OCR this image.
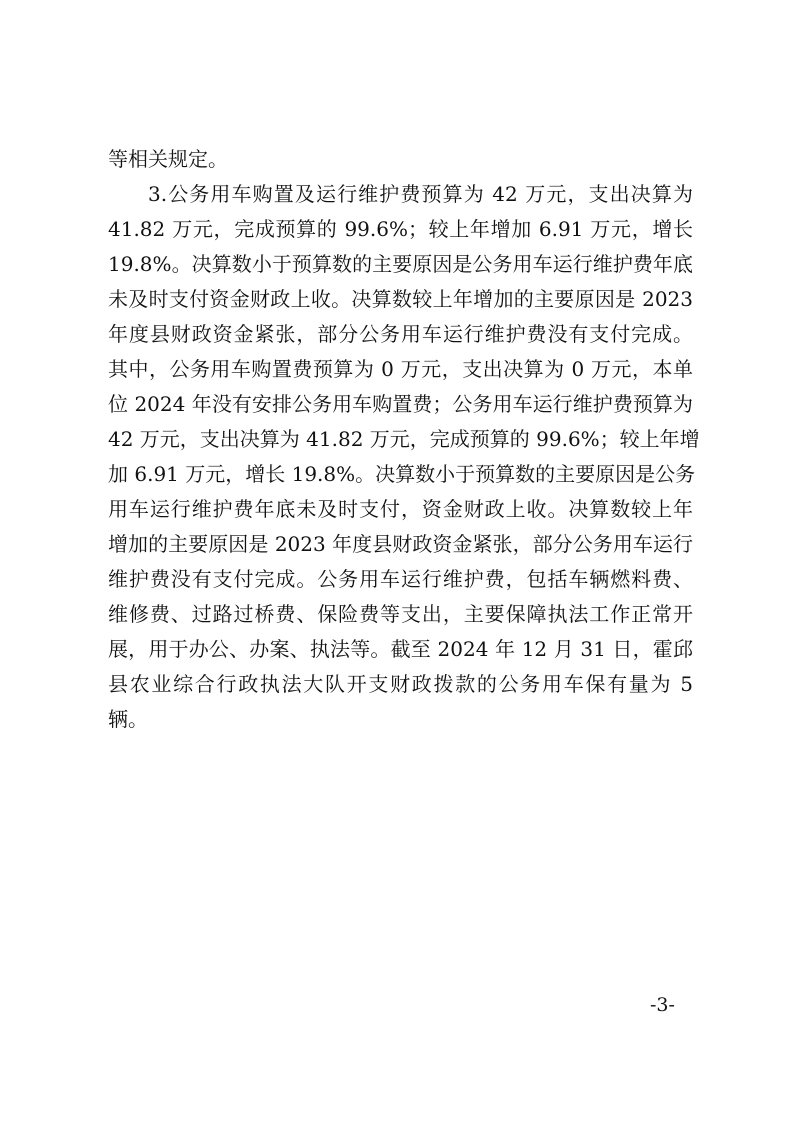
等相关规定。
3.公务用车购置及运行维护费预算为 42 万元，支出决算为
41.82 万元，完成预算的 99.6%；较上年增加 6.91 万元，增长
19.8%。决算数小于预算数的主要原因是公务用车运行维护费年底
未及时支付资金财政上收。决算数较上年增加的主要原因是 2023
年度县财政资金紧张，部分公务用车运行维护费没有支付完成。
其中，公务用车购置费预算为 0 万元，支出决算为 0 万元，本单
位 2024 年没有安排公务用车购置费；公务用车运行维护费预算为
42 万元，支出决算为 41.82 万元，完成预算的 99.6%；较上年增
加 6.91 万元，增长 19.8%。决算数小于预算数的主要原因是公务
用车运行维护费年底未及时支付，资金财政上收。决算数较上年
增加的主要原因是 2023 年度县财政资金紧张，部分公务用车运行
维护费没有支付完成。公务用车运行维护费，包括车辆燃料费、
维修费、过路过桥费、保险费等支出，主要保障执法工作正常开
展，用于办公、办案、执法等。截至 2024 年 12 月 31 日，霍邱
县农业综合行政执法大队开支财政拨款的公务用车保有量为 5
辆。
-3-
